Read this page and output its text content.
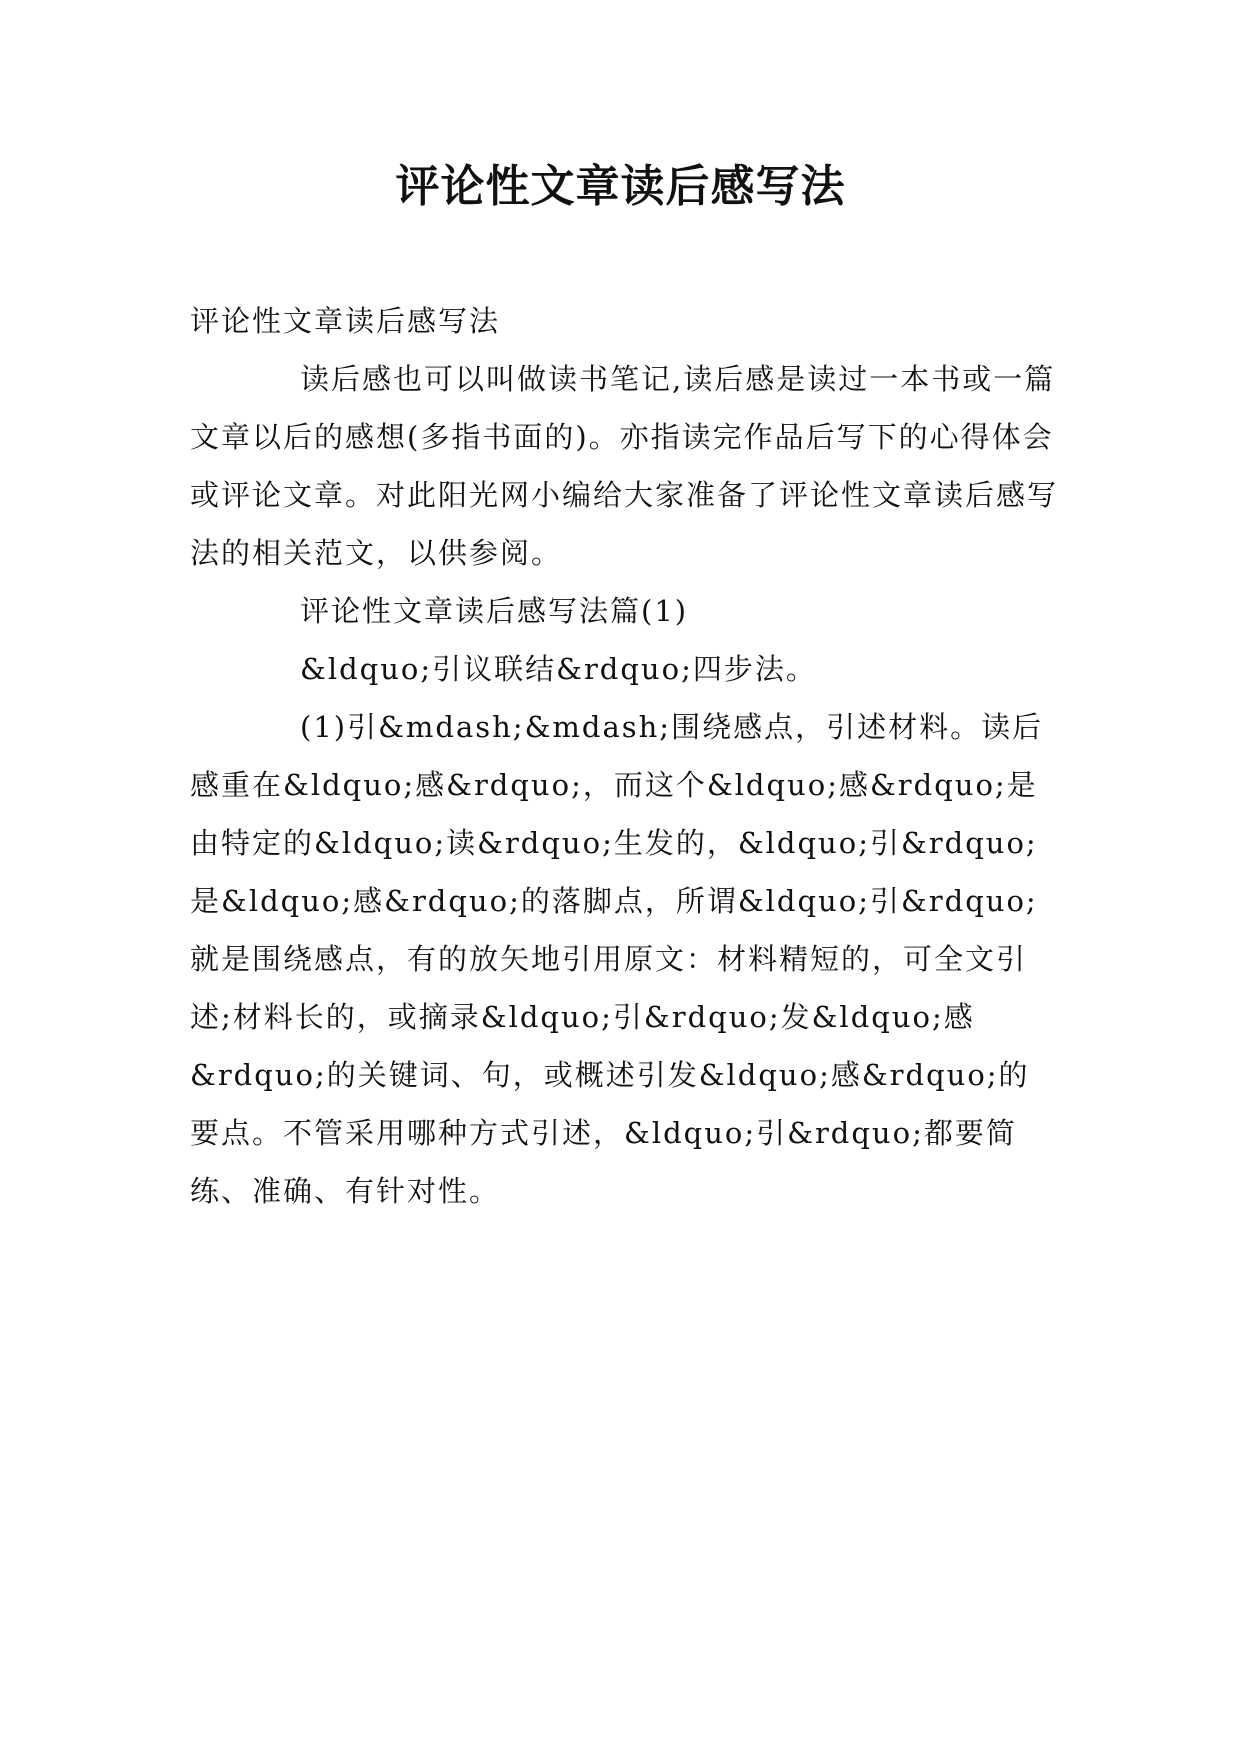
评论性文章读后感写法

评论性文章读后感写法

读后感也可以叫做读书笔记,读后感是读过一本书或一篇文章以后的感想(多指书面的)。亦指读完作品后写下的心得体会或评论文章。对此阳光网小编给大家准备了评论性文章读后感写法的相关范文，以供参阅。

评论性文章读后感写法篇(1)

&ldquo;引议联结&rdquo;四步法。

(1)引&mdash;&mdash;围绕感点，引述材料。读后感重在&ldquo;感&rdquo;，而这个&ldquo;感&rdquo;是由特定的&ldquo;读&rdquo;生发的，&ldquo;引&rdquo;是&ldquo;感&rdquo;的落脚点，所谓&ldquo;引&rdquo;就是围绕感点，有的放矢地引用原文：材料精短的，可全文引述;材料长的，或摘录&ldquo;引&rdquo;发&ldquo;感&rdquo;的关键词、句，或概述引发&ldquo;感&rdquo;的要点。不管采用哪种方式引述，&ldquo;引&rdquo;都要简练、准确、有针对性。
